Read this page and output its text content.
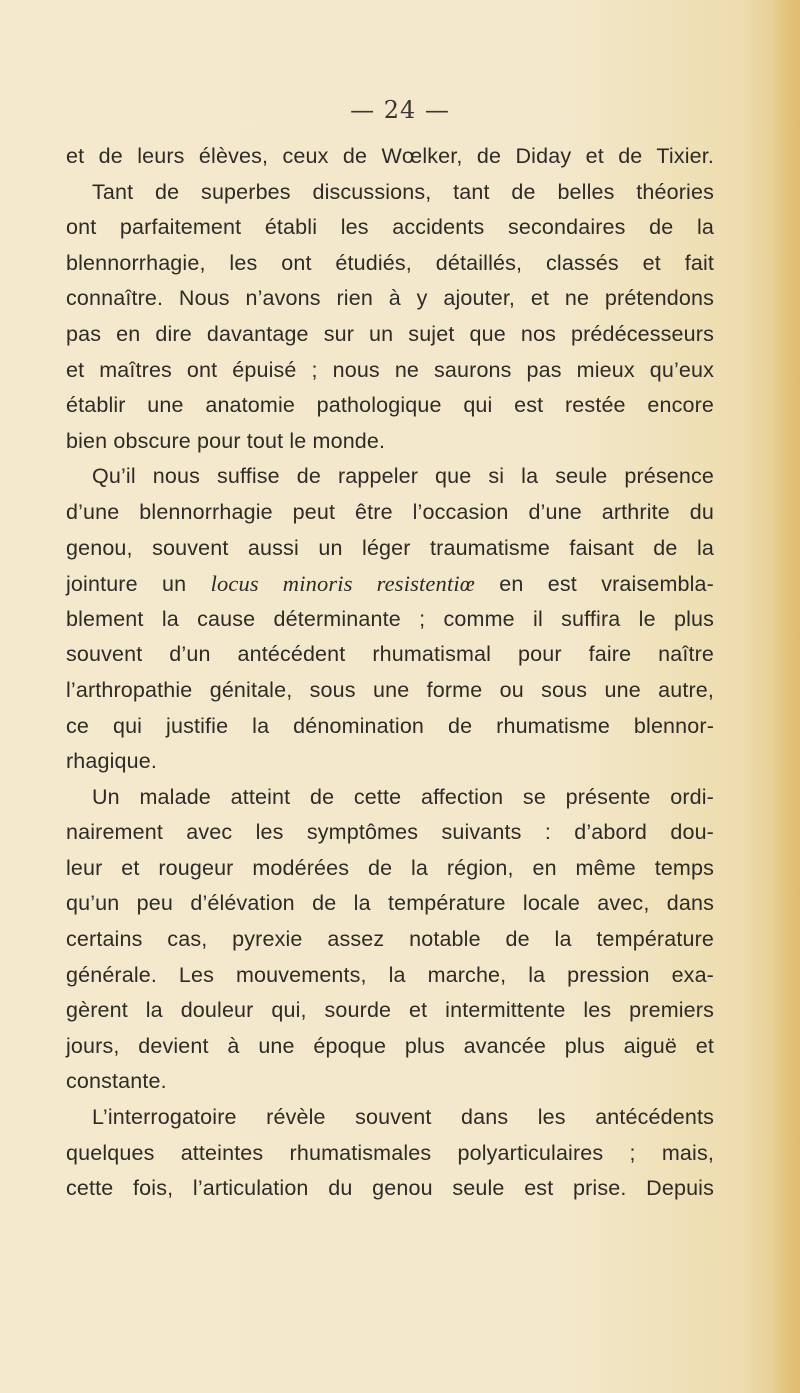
— 24 —
et de leurs élèves, ceux de Wœlker, de Diday et de Tixier.
Tant de superbes discussions, tant de belles théories
ont parfaitement établi les accidents secondaires de la
blennorrhagie, les ont étudiés, détaillés, classés et fait
connaître. Nous n’avons rien à y ajouter, et ne prétendons
pas en dire davantage sur un sujet que nos prédécesseurs
et maîtres ont épuisé ; nous ne saurons pas mieux qu’eux
établir une anatomie pathologique qui est restée encore
bien obscure pour tout le monde.
Qu’il nous suffise de rappeler que si la seule présence
d’une blennorrhagie peut être l’occasion d’une arthrite du
genou, souvent aussi un léger traumatisme faisant de la
jointure un locus minoris resistentiœ en est vraisembla-
blement la cause déterminante ; comme il suffira le plus
souvent d’un antécédent rhumatismal pour faire naître
l’arthropathie génitale, sous une forme ou sous une autre,
ce qui justifie la dénomination de rhumatisme blennor-
rhagique.
Un malade atteint de cette affection se présente ordi-
nairement avec les symptômes suivants : d’abord dou-
leur et rougeur modérées de la région, en même temps
qu’un peu d’élévation de la température locale avec, dans
certains cas, pyrexie assez notable de la température
générale. Les mouvements, la marche, la pression exa-
gèrent la douleur qui, sourde et intermittente les premiers
jours, devient à une époque plus avancée plus aiguë et
constante.
L’interrogatoire révèle souvent dans les antécédents
quelques atteintes rhumatismales polyarticulaires ; mais,
cette fois, l’articulation du genou seule est prise. Depuis
